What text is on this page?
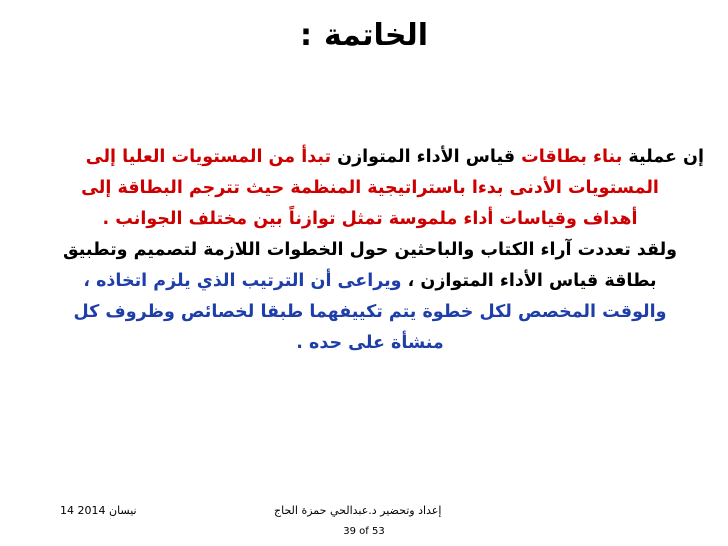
الخاتمة:
إن عملية بناء بطاقات قياس الأداء المتوازن تبدأ من المستويات العليا إلى
المستويات الأدنى بدءا باستراتيجية المنظمة حيث تترجم البطاقة إلى
أهداف وقياسات أداء ملموسة تمثل توازناً بين مختلف الجوانب .
ولقد تعددت آراء الكتاب والباحثين حول الخطوات اللازمة لتصميم وتطبيق
بطاقة قياس الأداء المتوازن ، ويراعى أن الترتيب الذي يلزم اتخاذه ،
والوقت المخصص لكل خطوة يتم تكييفهما طبقا لخصائص وظروف كل
منشأة على حده .
نيسان 2014 14	إعداد وتحضير د.عبدالحي حمزة الحاج
39 of 53
